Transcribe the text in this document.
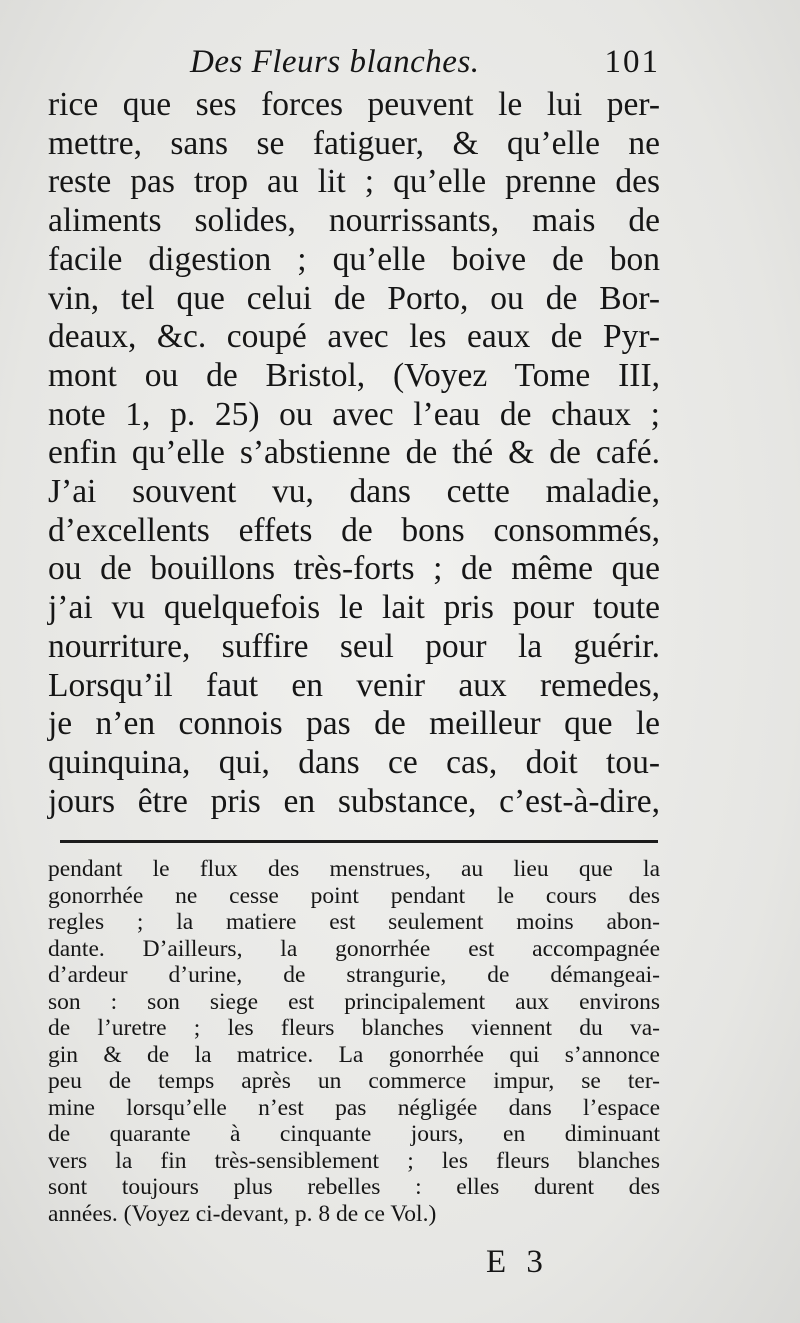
Des Fleurs blanches.	101
rice que ses forces peuvent le lui per-
mettre, sans se fatiguer, & qu’elle ne
reste pas trop au lit ; qu’elle prenne des
aliments solides, nourrissants, mais de
facile digestion ; qu’elle boive de bon
vin, tel que celui de Porto, ou de Bor-
deaux, &c. coupé avec les eaux de Pyr-
mont ou de Bristol, (Voyez Tome III,
note 1, p. 25) ou avec l’eau de chaux ;
enfin qu’elle s’abstienne de thé & de café.
J’ai souvent vu, dans cette maladie,
d’excellents effets de bons consommés,
ou de bouillons très-forts ; de même que
j’ai vu quelquefois le lait pris pour toute
nourriture, suffire seul pour la guérir.
Lorsqu’il faut en venir aux remedes,
je n’en connois pas de meilleur que le
quinquina, qui, dans ce cas, doit tou-
jours être pris en substance, c’est-à-dire,
pendant le flux des menstrues, au lieu que la
gonorrhée ne cesse point pendant le cours des
regles ; la matiere est seulement moins abon-
dante. D’ailleurs, la gonorrhée est accompagnée
d’ardeur d’urine, de strangurie, de démangeai-
son : son siege est principalement aux environs
de l’uretre ; les fleurs blanches viennent du va-
gin & de la matrice. La gonorrhée qui s’annonce
peu de temps après un commerce impur, se ter-
mine lorsqu’elle n’est pas négligée dans l’espace
de quarante à cinquante jours, en diminuant
vers la fin très-sensiblement ; les fleurs blanches
sont toujours plus rebelles : elles durent des
années. (Voyez ci-devant, p. 8 de ce Vol.)
E 3
